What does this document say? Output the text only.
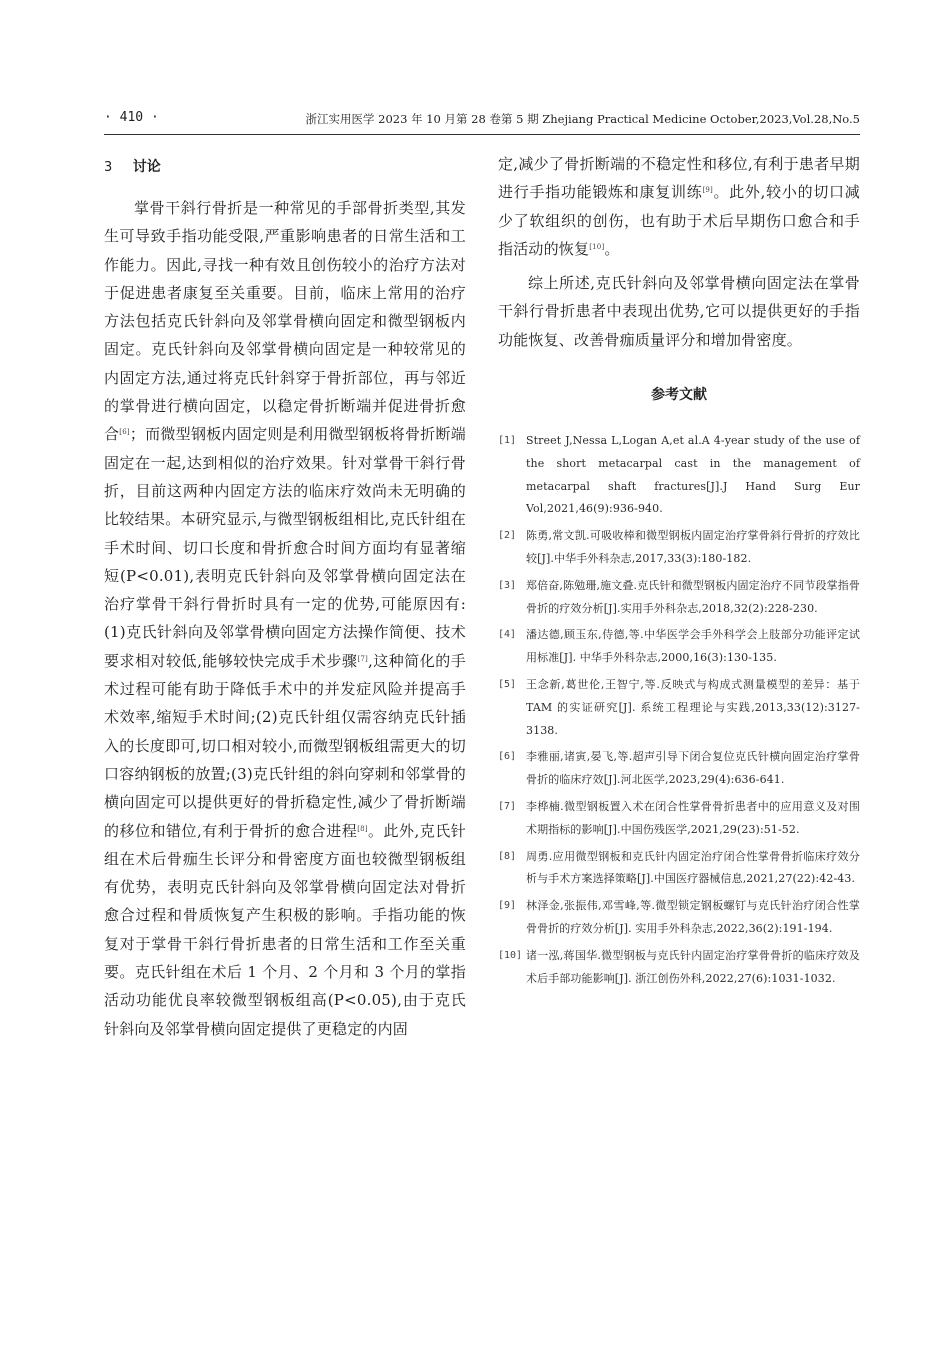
· 410 ·	浙江实用医学 2023 年 10 月第 28 卷第 5 期 Zhejiang Practical Medicine October,2023,Vol.28,No.5
3 讨论

掌骨干斜行骨折是一种常见的手部骨折类型,其发生可导致手指功能受限,严重影响患者的日常生活和工作能力。因此,寻找一种有效且创伤较小的治疗方法对于促进患者康复至关重要。目前，临床上常用的治疗方法包括克氏针斜向及邻掌骨横向固定和微型钢板内固定。克氏针斜向及邻掌骨横向固定是一种较常见的内固定方法,通过将克氏针斜穿于骨折部位，再与邻近的掌骨进行横向固定，以稳定骨折断端并促进骨折愈合[6]；而微型钢板内固定则是利用微型钢板将骨折断端固定在一起,达到相似的治疗效果。针对掌骨干斜行骨折，目前这两种内固定方法的临床疗效尚未无明确的比较结果。本研究显示,与微型钢板组相比,克氏针组在手术时间、切口长度和骨折愈合时间方面均有显著缩短(P<0.01),表明克氏针斜向及邻掌骨横向固定法在治疗掌骨干斜行骨折时具有一定的优势,可能原因有:(1)克氏针斜向及邻掌骨横向固定方法操作简便、技术要求相对较低,能够较快完成手术步骤[7],这种简化的手术过程可能有助于降低手术中的并发症风险并提高手术效率,缩短手术时间;(2)克氏针组仅需容纳克氏针插入的长度即可,切口相对较小,而微型钢板组需更大的切口容纳钢板的放置;(3)克氏针组的斜向穿刺和邻掌骨的横向固定可以提供更好的骨折稳定性,减少了骨折断端的移位和错位,有利于骨折的愈合进程[8]。此外,克氏针组在术后骨痂生长评分和骨密度方面也较微型钢板组有优势，表明克氏针斜向及邻掌骨横向固定法对骨折愈合过程和骨质恢复产生积极的影响。手指功能的恢复对于掌骨干斜行骨折患者的日常生活和工作至关重要。克氏针组在术后 1 个月、2 个月和 3 个月的掌指活动功能优良率较微型钢板组高(P<0.05),由于克氏针斜向及邻掌骨横向固定提供了更稳定的内固

定,减少了骨折断端的不稳定性和移位,有利于患者早期进行手指功能锻炼和康复训练[9]。此外,较小的切口减少了软组织的创伤，也有助于术后早期伤口愈合和手指活动的恢复[10]。

综上所述,克氏针斜向及邻掌骨横向固定法在掌骨干斜行骨折患者中表现出优势,它可以提供更好的手指功能恢复、改善骨痂质量评分和增加骨密度。

参考文献
[1] Street J,Nessa L,Logan A,et al.A 4-year study of the use of the short metacarpal cast in the management of metacarpal shaft fractures[J].J Hand Surg Eur Vol,2021,46(9):936-940.
[2] 陈勇,常文凯.可吸收棒和微型钢板内固定治疗掌骨斜行骨折的疗效比较[J].中华手外科杂志,2017,33(3):180-182.
[3] 郑倍奋,陈勉珊,施文叠.克氏针和微型钢板内固定治疗不同节段掌指骨骨折的疗效分析[J].实用手外科杂志,2018,32(2):228-230.
[4] 潘达德,顾玉东,侍德,等.中华医学会手外科学会上肢部分功能评定试用标准[J]. 中华手外科杂志,2000,16(3):130-135.
[5] 王念新,葛世伦,王智宁,等.反映式与构成式测量模型的差异：基于 TAM 的实证研究[J]. 系统工程理论与实践,2013,33(12):3127-3138.
[6] 李雅丽,诸寅,晏飞,等.超声引导下闭合复位克氏针横向固定治疗掌骨骨折的临床疗效[J].河北医学,2023,29(4):636-641.
[7] 李桦楠.微型钢板置入术在闭合性掌骨骨折患者中的应用意义及对围术期指标的影响[J].中国伤残医学,2021,29(23):51-52.
[8] 周勇.应用微型钢板和克氏针内固定治疗闭合性掌骨骨折临床疗效分析与手术方案选择策略[J].中国医疗器械信息,2021,27(22):42-43.
[9] 林泽金,张振伟,邓雪峰,等.微型锁定钢板螺钉与克氏针治疗闭合性掌骨骨折的疗效分析[J]. 实用手外科杂志,2022,36(2):191-194.
[10] 诸一泓,蒋国华.微型钢板与克氏针内固定治疗掌骨骨折的临床疗效及术后手部功能影响[J]. 浙江创伤外科,2022,27(6):1031-1032.
